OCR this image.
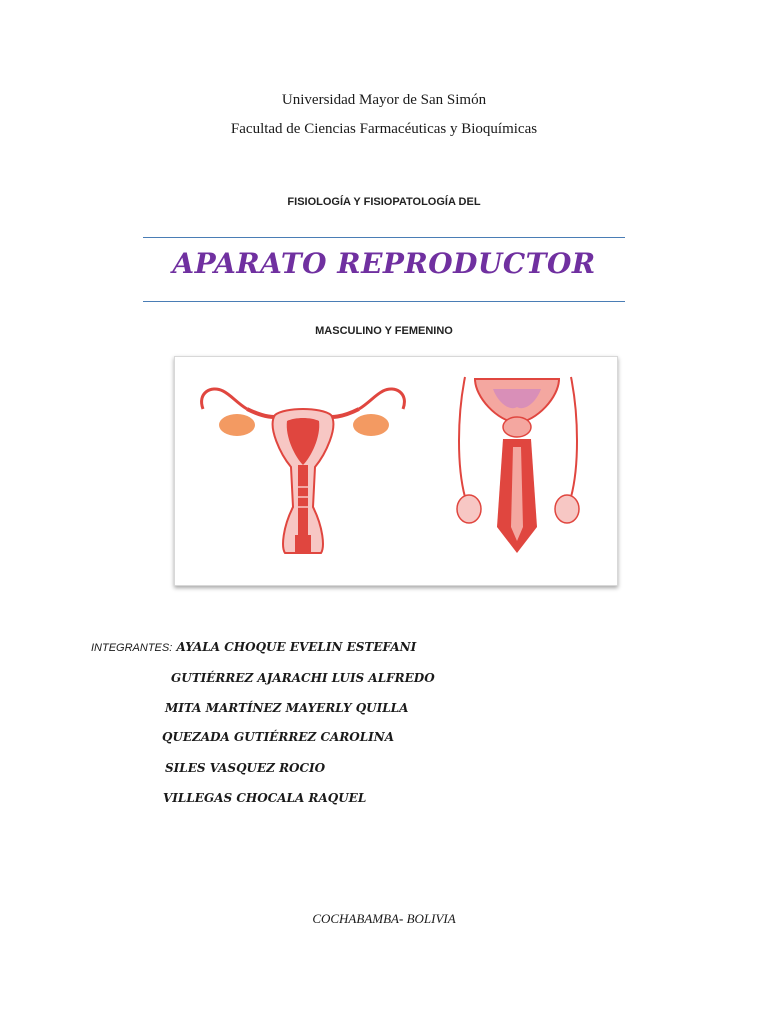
Universidad Mayor de San Simón
Facultad de Ciencias Farmacéuticas y Bioquímicas
FISIOLOGÍA Y FISIOPATOLOGÍA DEL
APARATO REPRODUCTOR
MASCULINO Y FEMENINO
INTEGRANTES: AYALA CHOQUE EVELIN ESTEFANI
GUTIÉRREZ AJARACHI LUIS ALFREDO
MITA MARTÍNEZ MAYERLY QUILLA
QUEZADA GUTIÉRREZ CAROLINA
SILES VASQUEZ ROCIO
VILLEGAS CHOCALA RAQUEL
COCHABAMBA- BOLIVIA
